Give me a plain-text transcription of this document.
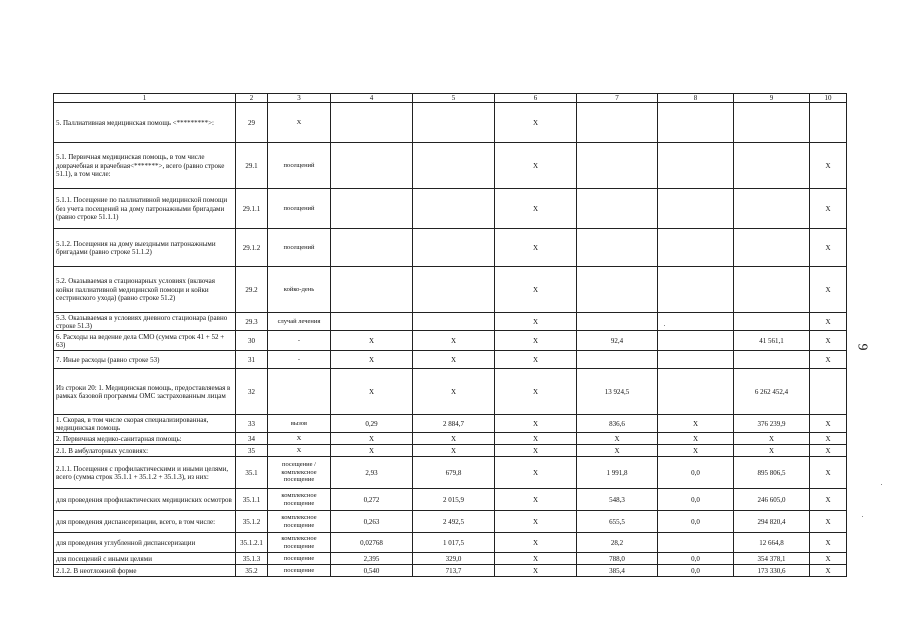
1	2	3	4	5	6	7	8	9	10
5. Паллиативная медицинская помощь <*********>:	29	X			X				
5.1. Первичная медицинская помощь, в том числе доврачебная и врачебная<*******>, всего (равно строке 51.1), в том числе:	29.1	посещений			X				X
5.1.1. Посещение по паллиативной медицинской помощи без учета посещений на дому патронажными бригадами (равно строке 51.1.1)	29.1.1	посещений			X				X
5.1.2. Посещения на дому выездными патронажными бригадами (равно строке 51.1.2)	29.1.2	посещений			X				X
5.2. Оказываемая в стационарных условиях (включая койки паллиативной медицинской помощи и койки сестринского ухода) (равно строке 51.2)	29.2	койко-день			X				X
5.3. Оказываемая в условиях дневного стационара (равно строке 51.3)	29.3	случай лечения			X				X
6. Расходы на ведение дела СМО (сумма строк 41 + 52 + 63)	30	-	X	X	X	92,4		41 561,1	X
7. Иные расходы (равно строке 53)	31	-	X	X	X				X
Из строки 20: 1. Медицинская помощь, предоставляемая в рамках базовой программы ОМС застрахованным лицам	32		X	X	X	13 924,5		6 262 452,4	
1. Скорая, в том числе скорая специализированная, медицинская помощь	33	вызов	0,29	2 884,7	X	836,6	X	376 239,9	X
2. Первичная медико-санитарная помощь:	34	X	X	X	X	X	X	X	X
2.1. В амбулаторных условиях:	35	X	X	X	X	X	X	X	X
2.1.1. Посещения с профилактическими и иными целями, всего (сумма строк 35.1.1 + 35.1.2 + 35.1.3), из них:	35.1	посещение / комплексное посещение	2,93	679,8	X	1 991,8	0,0	895 806,5	X
для проведения профилактических медицинских осмотров	35.1.1	комплексное посещение	0,272	2 015,9	X	548,3	0,0	246 605,0	X
для проведения диспансеризации, всего, в том числе:	35.1.2	комплексное посещение	0,263	2 492,5	X	655,5	0,0	294 820,4	X
для проведения углубленной диспансеризации	35.1.2.1	комплексное посещение	0,02768	1 017,5	X	28,2		12 664,8	X
для посещений с иными целями	35.1.3	посещение	2,395	329,0	X	788,0	0,0	354 378,1	X
2.1.2. В неотложной форме	35.2	посещение	0,540	713,7	X	385,4	0,0	173 330,6	X
9
